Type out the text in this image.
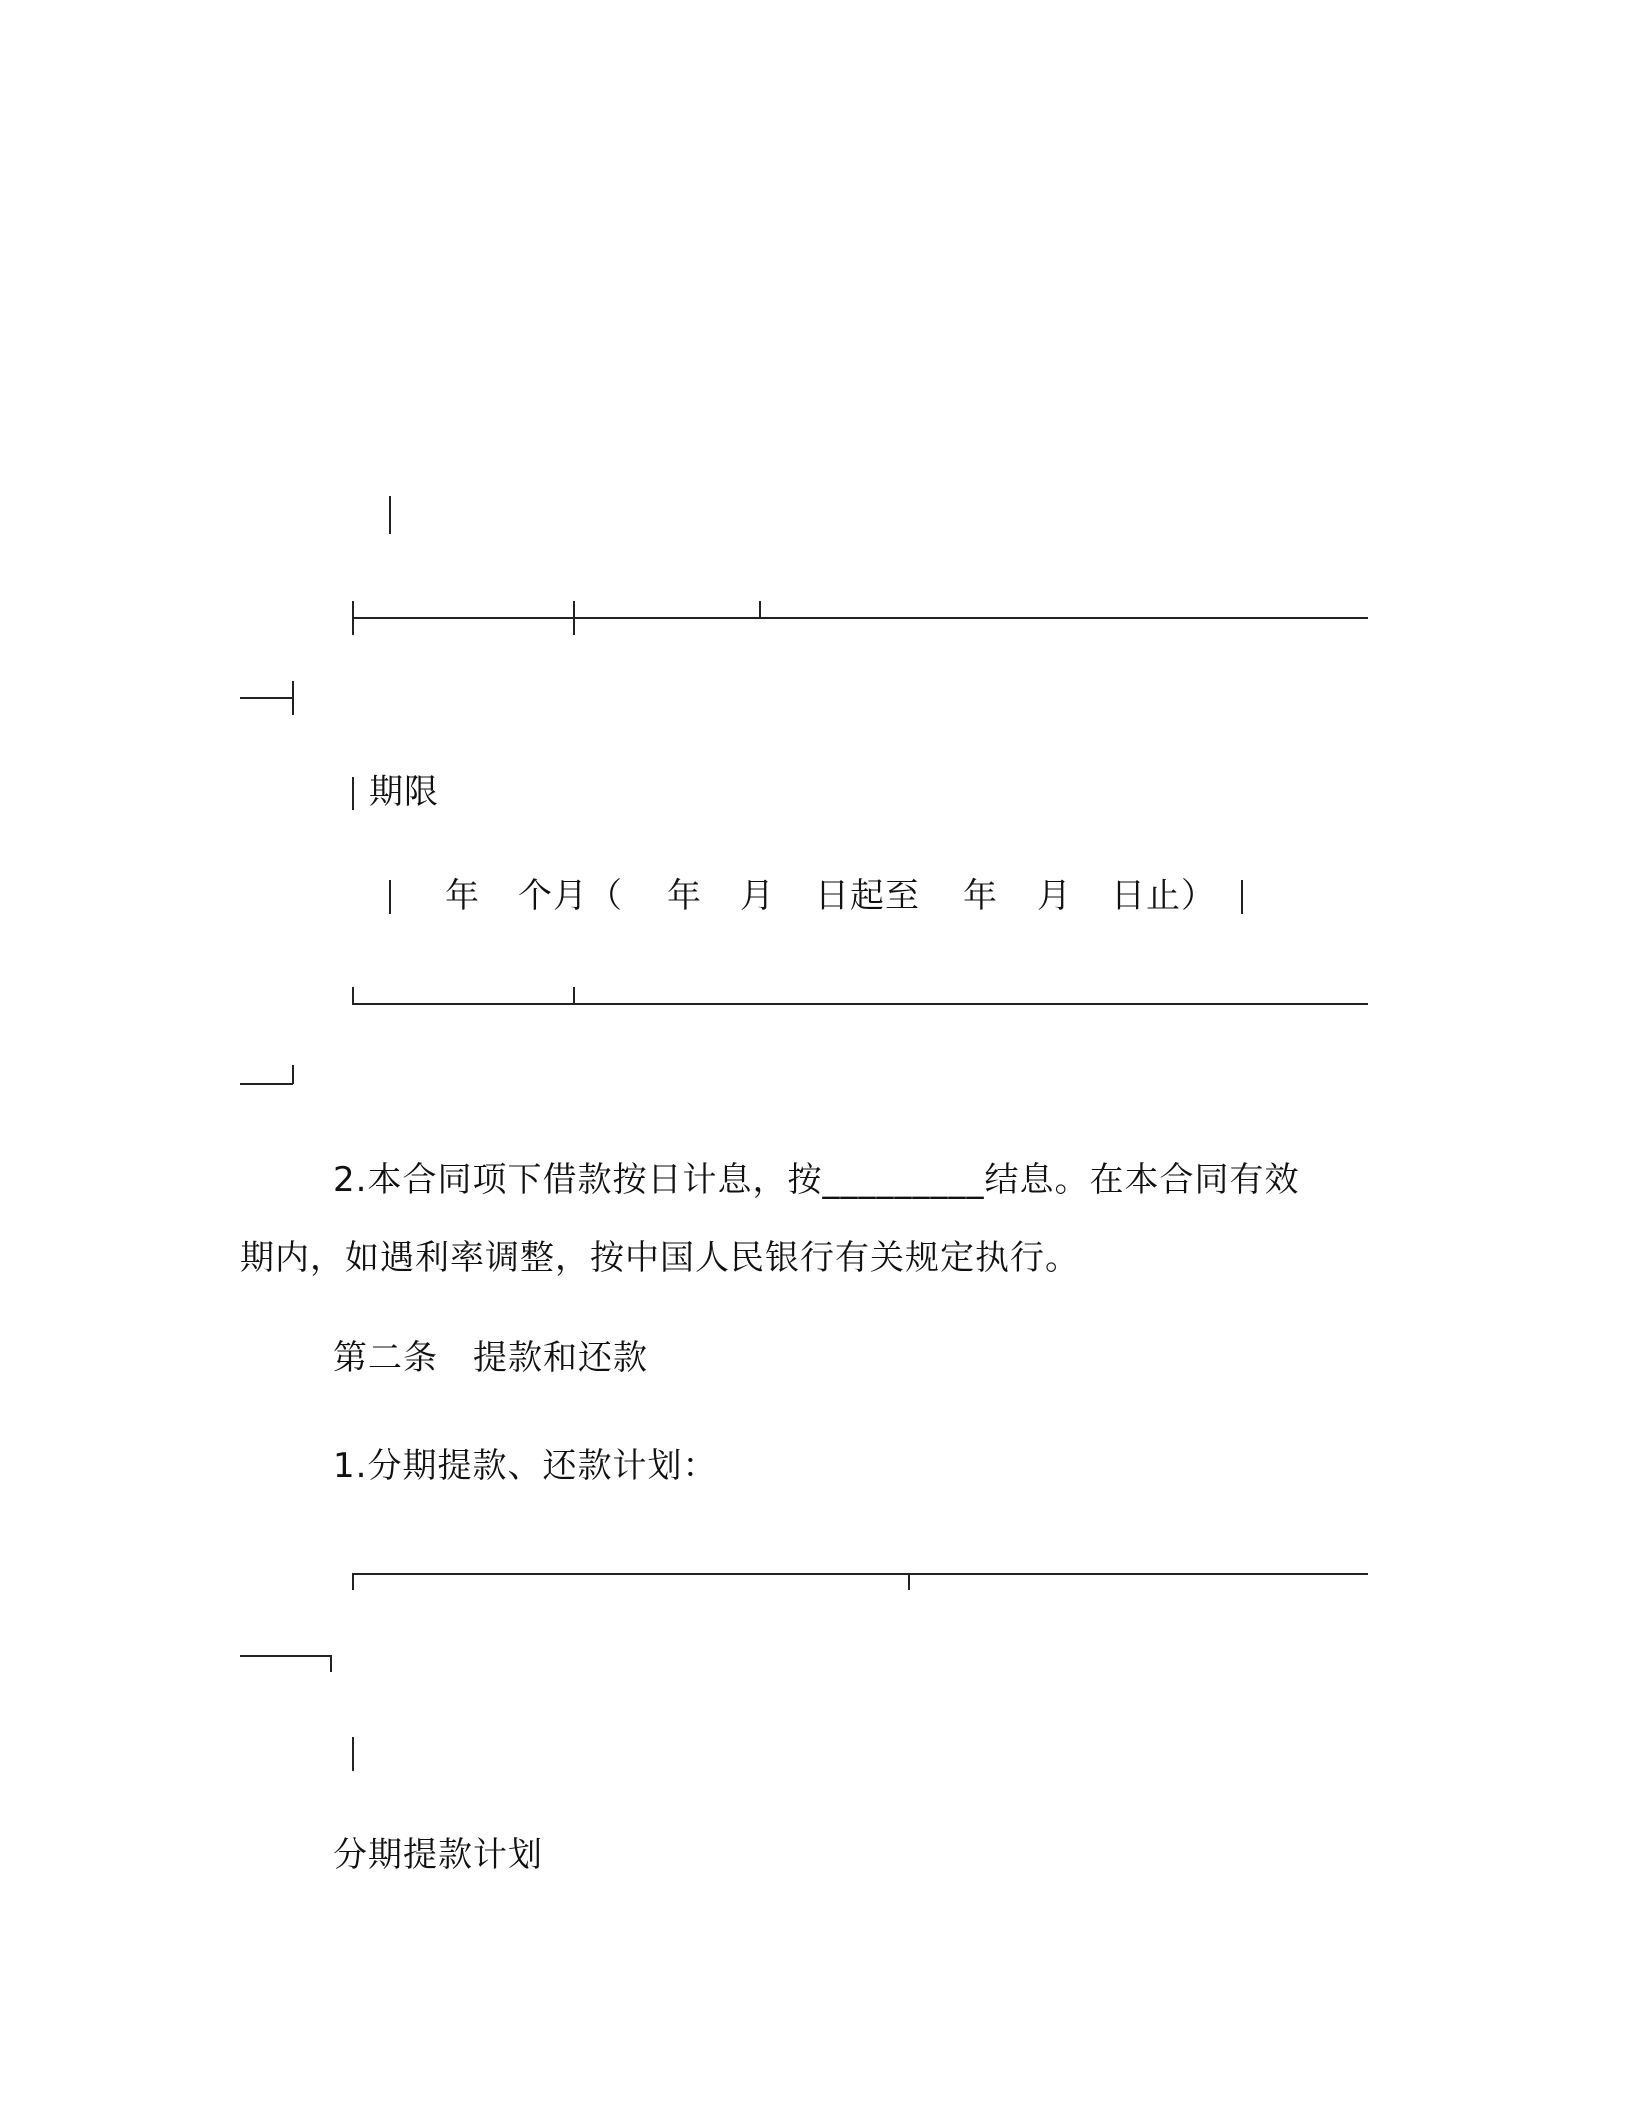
期限
年 个月（ 年 月 日起至 年 月 日止）
2.本合同项下借款按日计息，按_________结息。在本合同有效
期内，如遇利率调整，按中国人民银行有关规定执行。
第二条　提款和还款
1.分期提款、还款计划：
分期提款计划
